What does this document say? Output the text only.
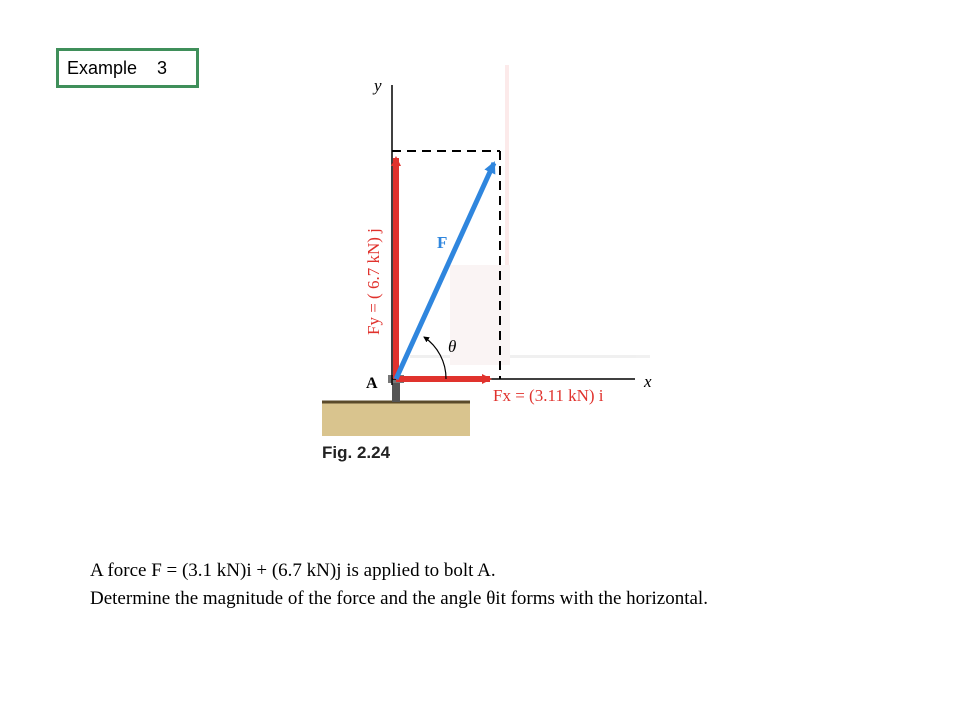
Example 3
y
x
F
θ
A
Fy = ( 6.7 kN) j
Fx = (3.11 kN) i
Fig. 2.24
A force F = (3.1 kN)i + (6.7 kN)j is applied to bolt A.
Determine the magnitude of the force and the angle θit forms with the horizontal.
